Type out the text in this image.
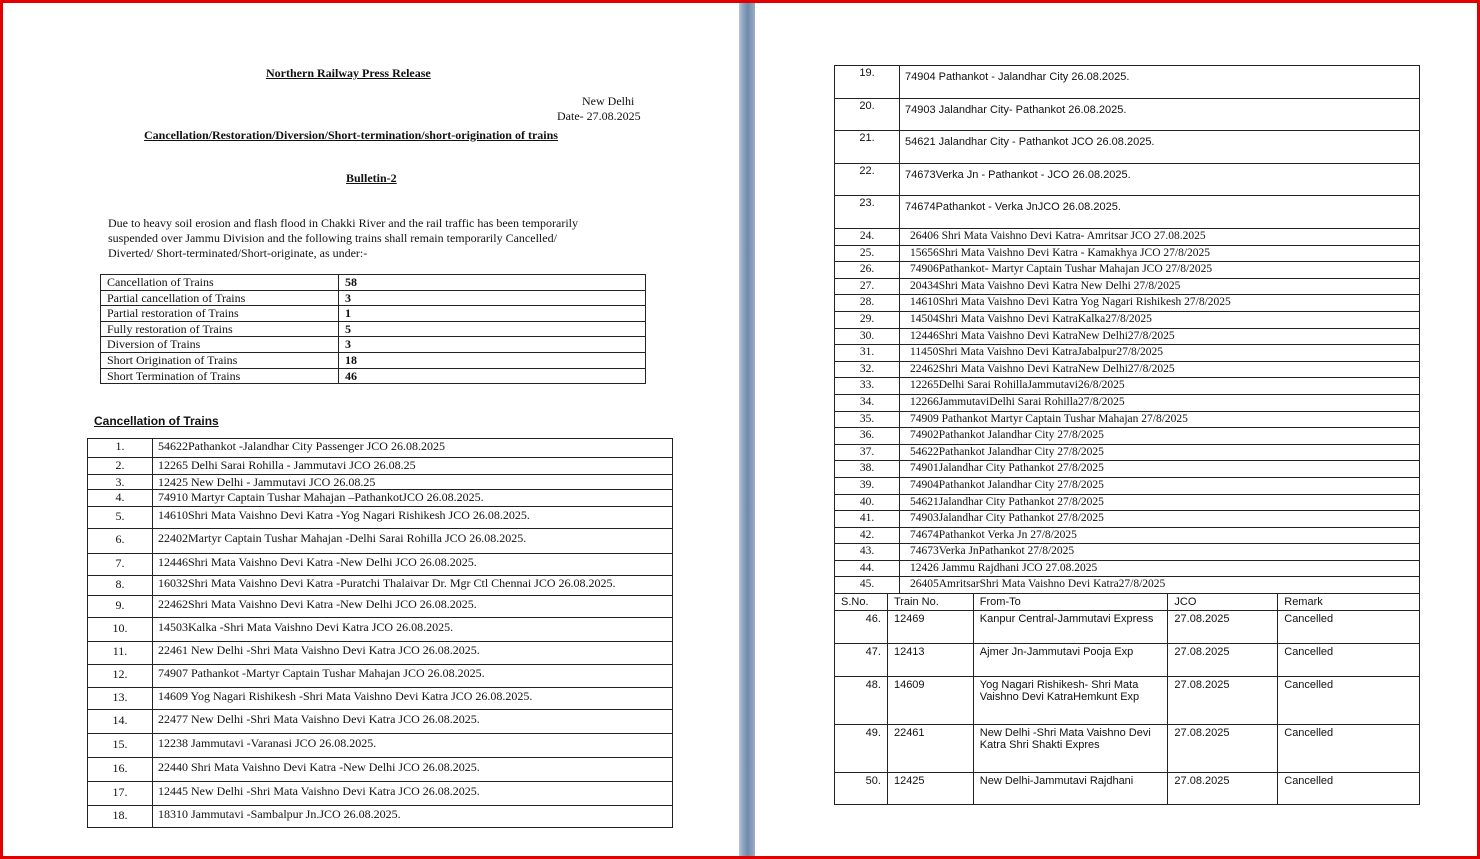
Northern Railway Press Release
New Delhi
Date- 27.08.2025
Cancellation/Restoration/Diversion/Short-termination/short-origination of trains
Bulletin-2
Due to heavy soil erosion and flash flood in Chakki River and the rail traffic has been temporarily
suspended over Jammu Division and the following trains shall remain temporarily Cancelled/
Diverted/ Short-terminated/Short-originate, as under:-
Cancellation of Trains	58
Partial cancellation of Trains	3
Partial restoration of Trains	1
Fully restoration of Trains	5
Diversion of Trains	3
Short Origination of Trains	18
Short Termination of Trains	46
Cancellation of Trains
1.	54622Pathankot -Jalandhar City Passenger JCO 26.08.2025
2.	12265 Delhi Sarai Rohilla - Jammutavi JCO 26.08.25
3.	12425 New Delhi - Jammutavi JCO 26.08.25
4.	74910 Martyr Captain Tushar Mahajan –PathankotJCO 26.08.2025.
5.	14610Shri Mata Vaishno Devi Katra -Yog Nagari Rishikesh JCO 26.08.2025.
6.	22402Martyr Captain Tushar Mahajan -Delhi Sarai Rohilla JCO 26.08.2025.
7.	12446Shri Mata Vaishno Devi Katra -New Delhi JCO 26.08.2025.
8.	16032Shri Mata Vaishno Devi Katra -Puratchi Thalaivar Dr. Mgr Ctl Chennai JCO 26.08.2025.
9.	22462Shri Mata Vaishno Devi Katra -New Delhi JCO 26.08.2025.
10.	14503Kalka -Shri Mata Vaishno Devi Katra JCO 26.08.2025.
11.	22461 New Delhi -Shri Mata Vaishno Devi Katra JCO 26.08.2025.
12.	74907 Pathankot -Martyr Captain Tushar Mahajan JCO 26.08.2025.
13.	14609 Yog Nagari Rishikesh -Shri Mata Vaishno Devi Katra JCO 26.08.2025.
14.	22477 New Delhi -Shri Mata Vaishno Devi Katra JCO 26.08.2025.
15.	12238 Jammutavi -Varanasi JCO 26.08.2025.
16.	22440 Shri Mata Vaishno Devi Katra -New Delhi JCO 26.08.2025.
17.	12445 New Delhi -Shri Mata Vaishno Devi Katra JCO 26.08.2025.
18.	18310 Jammutavi -Sambalpur Jn.JCO 26.08.2025.
19.	74904 Pathankot - Jalandhar City 26.08.2025.
20.	74903 Jalandhar City- Pathankot 26.08.2025.
21.	54621 Jalandhar City - Pathankot JCO 26.08.2025.
22.	74673Verka Jn - Pathankot - JCO 26.08.2025.
23.	74674Pathankot - Verka JnJCO 26.08.2025.
24.	26406 Shri Mata Vaishno Devi Katra- Amritsar JCO 27.08.2025
25.	15656Shri Mata Vaishno Devi Katra - Kamakhya JCO 27/8/2025
26.	74906Pathankot- Martyr Captain Tushar Mahajan JCO 27/8/2025
27.	20434Shri Mata Vaishno Devi Katra New Delhi 27/8/2025
28.	14610Shri Mata Vaishno Devi Katra Yog Nagari Rishikesh 27/8/2025
29.	14504Shri Mata Vaishno Devi KatraKalka27/8/2025
30.	12446Shri Mata Vaishno Devi KatraNew Delhi27/8/2025
31.	11450Shri Mata Vaishno Devi KatraJabalpur27/8/2025
32.	22462Shri Mata Vaishno Devi KatraNew Delhi27/8/2025
33.	12265Delhi Sarai RohillaJammutavi26/8/2025
34.	12266JammutaviDelhi Sarai Rohilla27/8/2025
35.	74909 Pathankot Martyr Captain Tushar Mahajan 27/8/2025
36.	74902Pathankot Jalandhar City 27/8/2025
37.	54622Pathankot Jalandhar City 27/8/2025
38.	74901Jalandhar City Pathankot 27/8/2025
39.	74904Pathankot Jalandhar City 27/8/2025
40.	54621Jalandhar City Pathankot 27/8/2025
41.	74903Jalandhar City Pathankot 27/8/2025
42.	74674Pathankot Verka Jn 27/8/2025
43.	74673Verka JnPathankot 27/8/2025
44.	12426 Jammu Rajdhani JCO 27.08.2025
45.	26405AmritsarShri Mata Vaishno Devi Katra27/8/2025
S.No.	Train No.	From-To	JCO	Remark
46.	12469	Kanpur Central-Jammutavi Express	27.08.2025	Cancelled
47.	12413	Ajmer Jn-Jammutavi Pooja Exp	27.08.2025	Cancelled
48.	14609	Yog Nagari Rishikesh- Shri Mata Vaishno Devi KatraHemkunt Exp	27.08.2025	Cancelled
49.	22461	New Delhi -Shri Mata Vaishno Devi Katra Shri Shakti Expres	27.08.2025	Cancelled
50.	12425	New Delhi-Jammutavi Rajdhani	27.08.2025	Cancelled
